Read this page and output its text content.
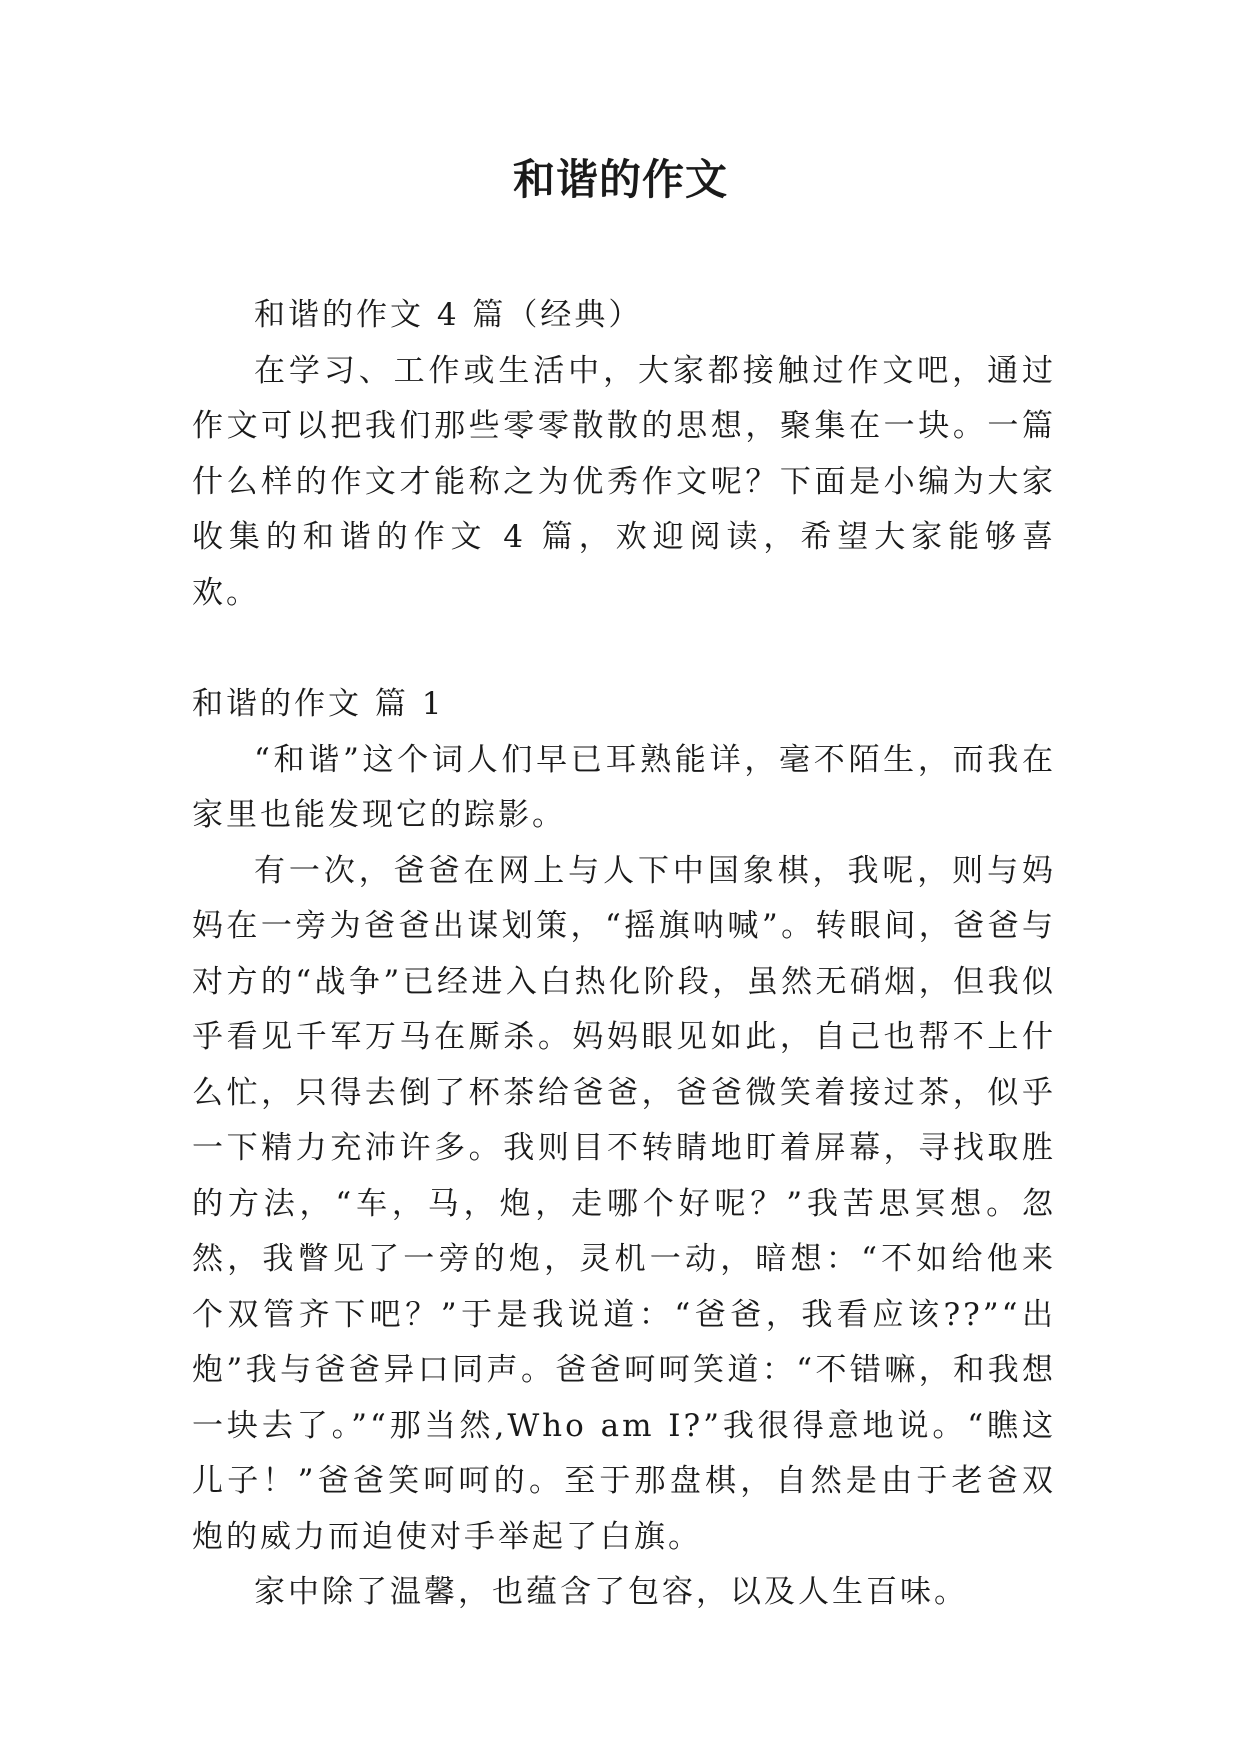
和谐的作文

和谐的作文 4 篇（经典）

在学习、工作或生活中，大家都接触过作文吧，通过作文可以把我们那些零零散散的思想，聚集在一块。一篇什么样的作文才能称之为优秀作文呢？下面是小编为大家收集的和谐的作文 4 篇，欢迎阅读，希望大家能够喜欢。

和谐的作文 篇 1

“和谐”这个词人们早已耳熟能详，毫不陌生，而我在家里也能发现它的踪影。

有一次，爸爸在网上与人下中国象棋，我呢，则与妈妈在一旁为爸爸出谋划策，“摇旗呐喊”。转眼间，爸爸与对方的“战争”已经进入白热化阶段，虽然无硝烟，但我似乎看见千军万马在厮杀。妈妈眼见如此，自己也帮不上什么忙，只得去倒了杯茶给爸爸，爸爸微笑着接过茶，似乎一下精力充沛许多。我则目不转睛地盯着屏幕，寻找取胜的方法，“车，马，炮，走哪个好呢？”我苦思冥想。忽然，我瞥见了一旁的炮，灵机一动，暗想：“不如给他来个双管齐下吧？”于是我说道：“爸爸，我看应该??”“出炮”我与爸爸异口同声。爸爸呵呵笑道：“不错嘛，和我想一块去了。”“那当然,Who am I?”我很得意地说。“瞧这儿子！”爸爸笑呵呵的。至于那盘棋，自然是由于老爸双炮的威力而迫使对手举起了白旗。

家中除了温馨，也蕴含了包容，以及人生百味。
